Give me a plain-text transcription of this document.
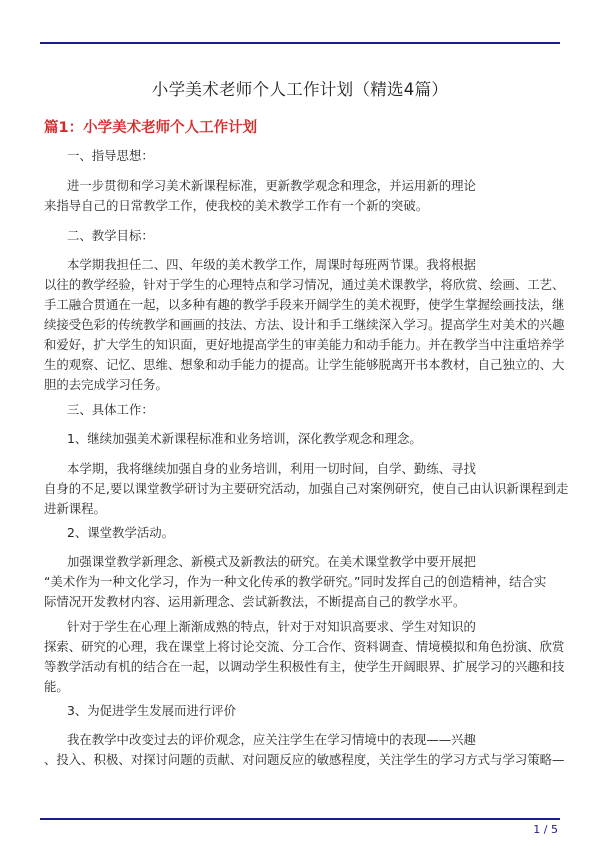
小学美术老师个人工作计划（精选4篇）
篇1：小学美术老师个人工作计划
一、指导思想：
进一步贯彻和学习美术新课程标准，更新教学观念和理念，并运用新的理论
来指导自己的日常教学工作，使我校的美术教学工作有一个新的突破。
二、教学目标：
本学期我担任二、四、年级的美术教学工作，周课时每班两节课。我将根据
以往的教学经验，针对于学生的心理特点和学习情况，通过美术课教学，将欣赏、绘画、工艺、
手工融合贯通在一起，以多种有趣的教学手段来开阔学生的美术视野，使学生掌握绘画技法，继
续接受色彩的传统教学和画画的技法、方法、设计和手工继续深入学习。提高学生对美术的兴趣
和爱好，扩大学生的知识面，更好地提高学生的审美能力和动手能力。并在教学当中注重培养学
生的观察、记忆、思维、想象和动手能力的提高。让学生能够脱离开书本教材，自己独立的、大
胆的去完成学习任务。
三、具体工作：
1、继续加强美术新课程标准和业务培训，深化教学观念和理念。
本学期，我将继续加强自身的业务培训，利用一切时间，自学、勤练、寻找
自身的不足,要以课堂教学研讨为主要研究活动，加强自己对案例研究，使自己由认识新课程到走
进新课程。
2、课堂教学活动。
加强课堂教学新理念、新模式及新教法的研究。在美术课堂教学中要开展把
“美术作为一种文化学习，作为一种文化传承的教学研究。”同时发挥自己的创造精神，结合实
际情况开发教材内容、运用新理念、尝试新教法，不断提高自己的教学水平。
针对于学生在心理上渐渐成熟的特点，针对于对知识高要求、学生对知识的
探索、研究的心理，我在课堂上将讨论交流、分工合作、资料调查、情境模拟和角色扮演、欣赏
等教学活动有机的结合在一起，以调动学生积极性有主，使学生开阔眼界、扩展学习的兴趣和技
能。
3、为促进学生发展而进行评价
我在教学中改变过去的评价观念，应关注学生在学习情境中的表现——兴趣
、投入、积极、对探讨问题的贡献、对问题反应的敏感程度，关注学生的学习方式与学习策略—
1 / 5
